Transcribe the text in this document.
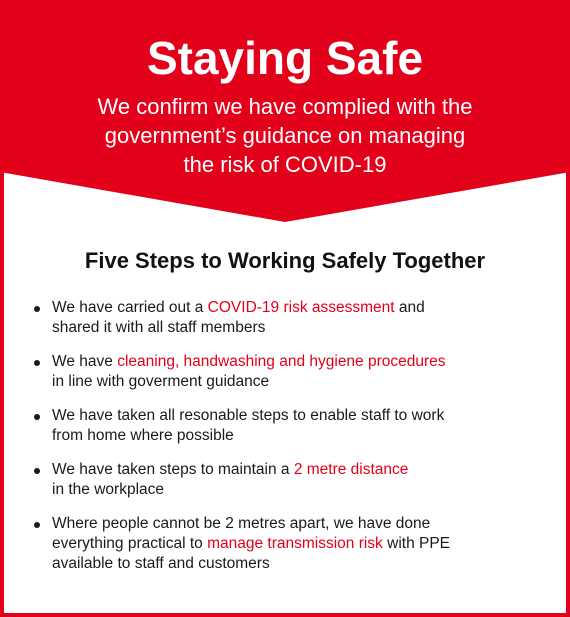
Staying Safe
We confirm we have complied with the
government’s guidance on managing
the risk of COVID-19
Five Steps to Working Safely Together
We have carried out a COVID-19 risk assessment and
shared it with all staff members
We have cleaning, handwashing and hygiene procedures
in line with goverment guidance
We have taken all resonable steps to enable staff to work
from home where possible
We have taken steps to maintain a 2 metre distance
in the workplace
Where people cannot be 2 metres apart, we have done
everything practical to manage transmission risk with PPE
available to staff and customers
